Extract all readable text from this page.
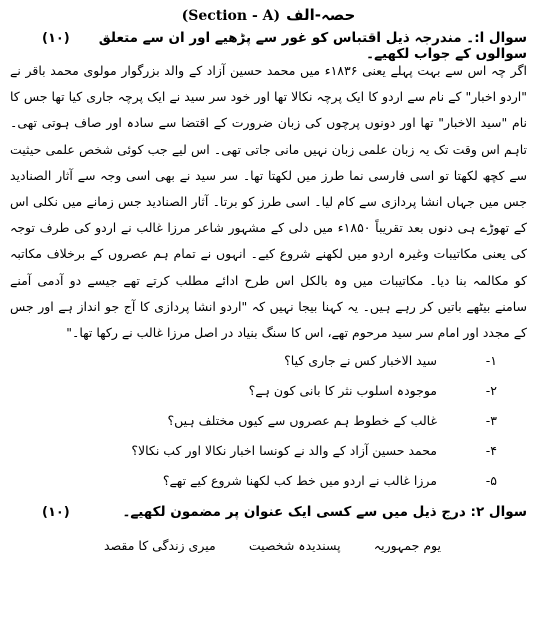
(Section - A) حصہ-الف
سوال ا:۔ مندرجہ ذیل اقتباس کو غور سے پڑھیے اور ان سے متعلق سوالوں کے جواب لکھیے۔
(۱۰)

اگر چہ اس سے بہت پہلے یعنی ۱۸۳۶ء میں محمد حسین آزاد کے والد بزرگوار مولوی محمد باقر نے "اردو اخبار" کے نام سے اردو کا ایک پرچہ نکالا تھا اور خود سر سید نے ایک پرچہ جاری کیا تھا جس کا نام "سید الاخبار" تھا اور دونوں پرچوں کی زبان ضرورت کے اقتضا سے سادہ اور صاف ہوتی تھی۔ تاہم اس وقت تک یہ زبان علمی زبان نہیں مانی جاتی تھی۔ اس لیے جب کوئی شخص علمی حیثیت سے کچھ لکھتا تو اسی فارسی نما طرز میں لکھتا تھا۔ سر سید نے بھی اسی وجہ سے آثار الصنادید جس میں جہاں انشا پردازی سے کام لیا۔ اسی طرز کو برتا۔ آثار الصنادید جس زمانے میں نکلی اس کے تھوڑے ہی دنوں بعد تقریباً ۱۸۵۰ء میں دلی کے مشہور شاعر مرزا غالب نے اردو کی طرف توجہ کی یعنی مکاتیبات وغیرہ اردو میں لکھنے شروع کیے۔ انہوں نے تمام ہم عصروں کے برخلاف مکاتبہ کو مکالمہ بنا دیا۔ مکاتیبات میں وہ بالکل اس طرح ادائے مطلب کرتے تھے جیسے دو آدمی آمنے سامنے بیٹھے باتیں کر رہے ہیں۔ یہ کہنا بیجا نہیں کہ "اردو انشا پردازی کا آج جو انداز ہے اور جس کے مجدد اور امام سر سید مرحوم تھے، اس کا سنگ بنیاد در اصل مرزا غالب نے رکھا تھا۔"

۱-
سید الاخبار کس نے جاری کیا؟
۲-
موجودہ اسلوب نثر کا بانی کون ہے؟
۳-
غالب کے خطوط ہم عصروں سے کیوں مختلف ہیں؟
۴-
محمد حسین آزاد کے والد نے کونسا اخبار نکالا اور کب نکالا؟
۵-
مرزا غالب نے اردو میں خط کب لکھنا شروع کیے تھے؟
سوال ۲: درج ذیل میں سے کسی ایک عنوان پر مضمون لکھیے۔
(۱۰)
یوم جمہوریہ
پسندیدہ شخصیت
میری زندگی کا مقصد
